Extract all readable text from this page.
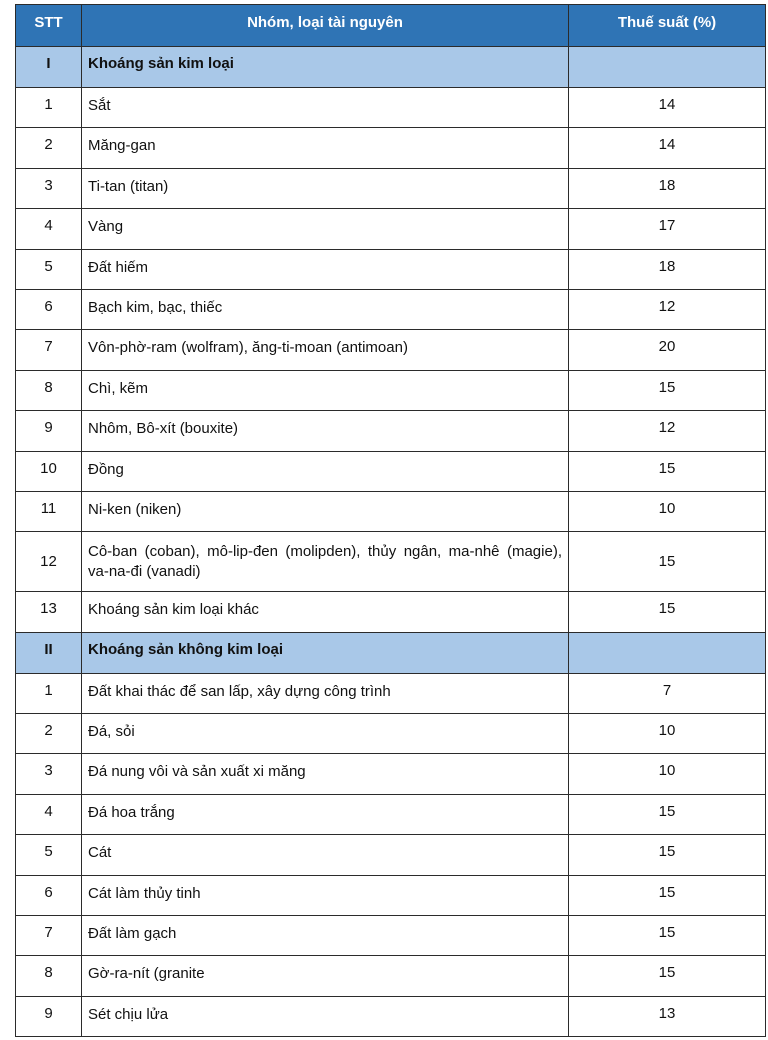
STT	Nhóm, loại tài nguyên	Thuế suất (%)
I	Khoáng sản kim loại	
1	Sắt	14
2	Măng-gan	14
3	Ti-tan (titan)	18
4	Vàng	17
5	Đất hiếm	18
6	Bạch kim, bạc, thiếc	12
7	Vôn-phờ-ram (wolfram), ăng-ti-moan (antimoan)	20
8	Chì, kẽm	15
9	Nhôm, Bô-xít (bouxite)	12
10	Đồng	15
11	Ni-ken (niken)	10
12	Cô-ban (coban), mô-lip-đen (molipden), thủy ngân, ma-nhê (magie), va-na-đi (vanadi)	15
13	Khoáng sản kim loại khác	15
II	Khoáng sản không kim loại	
1	Đất khai thác để san lấp, xây dựng công trình	7
2	Đá, sỏi	10
3	Đá nung vôi và sản xuất xi măng	10
4	Đá hoa trắng	15
5	Cát	15
6	Cát làm thủy tinh	15
7	Đất làm gạch	15
8	Gờ-ra-nít (granite	15
9	Sét chịu lửa	13
